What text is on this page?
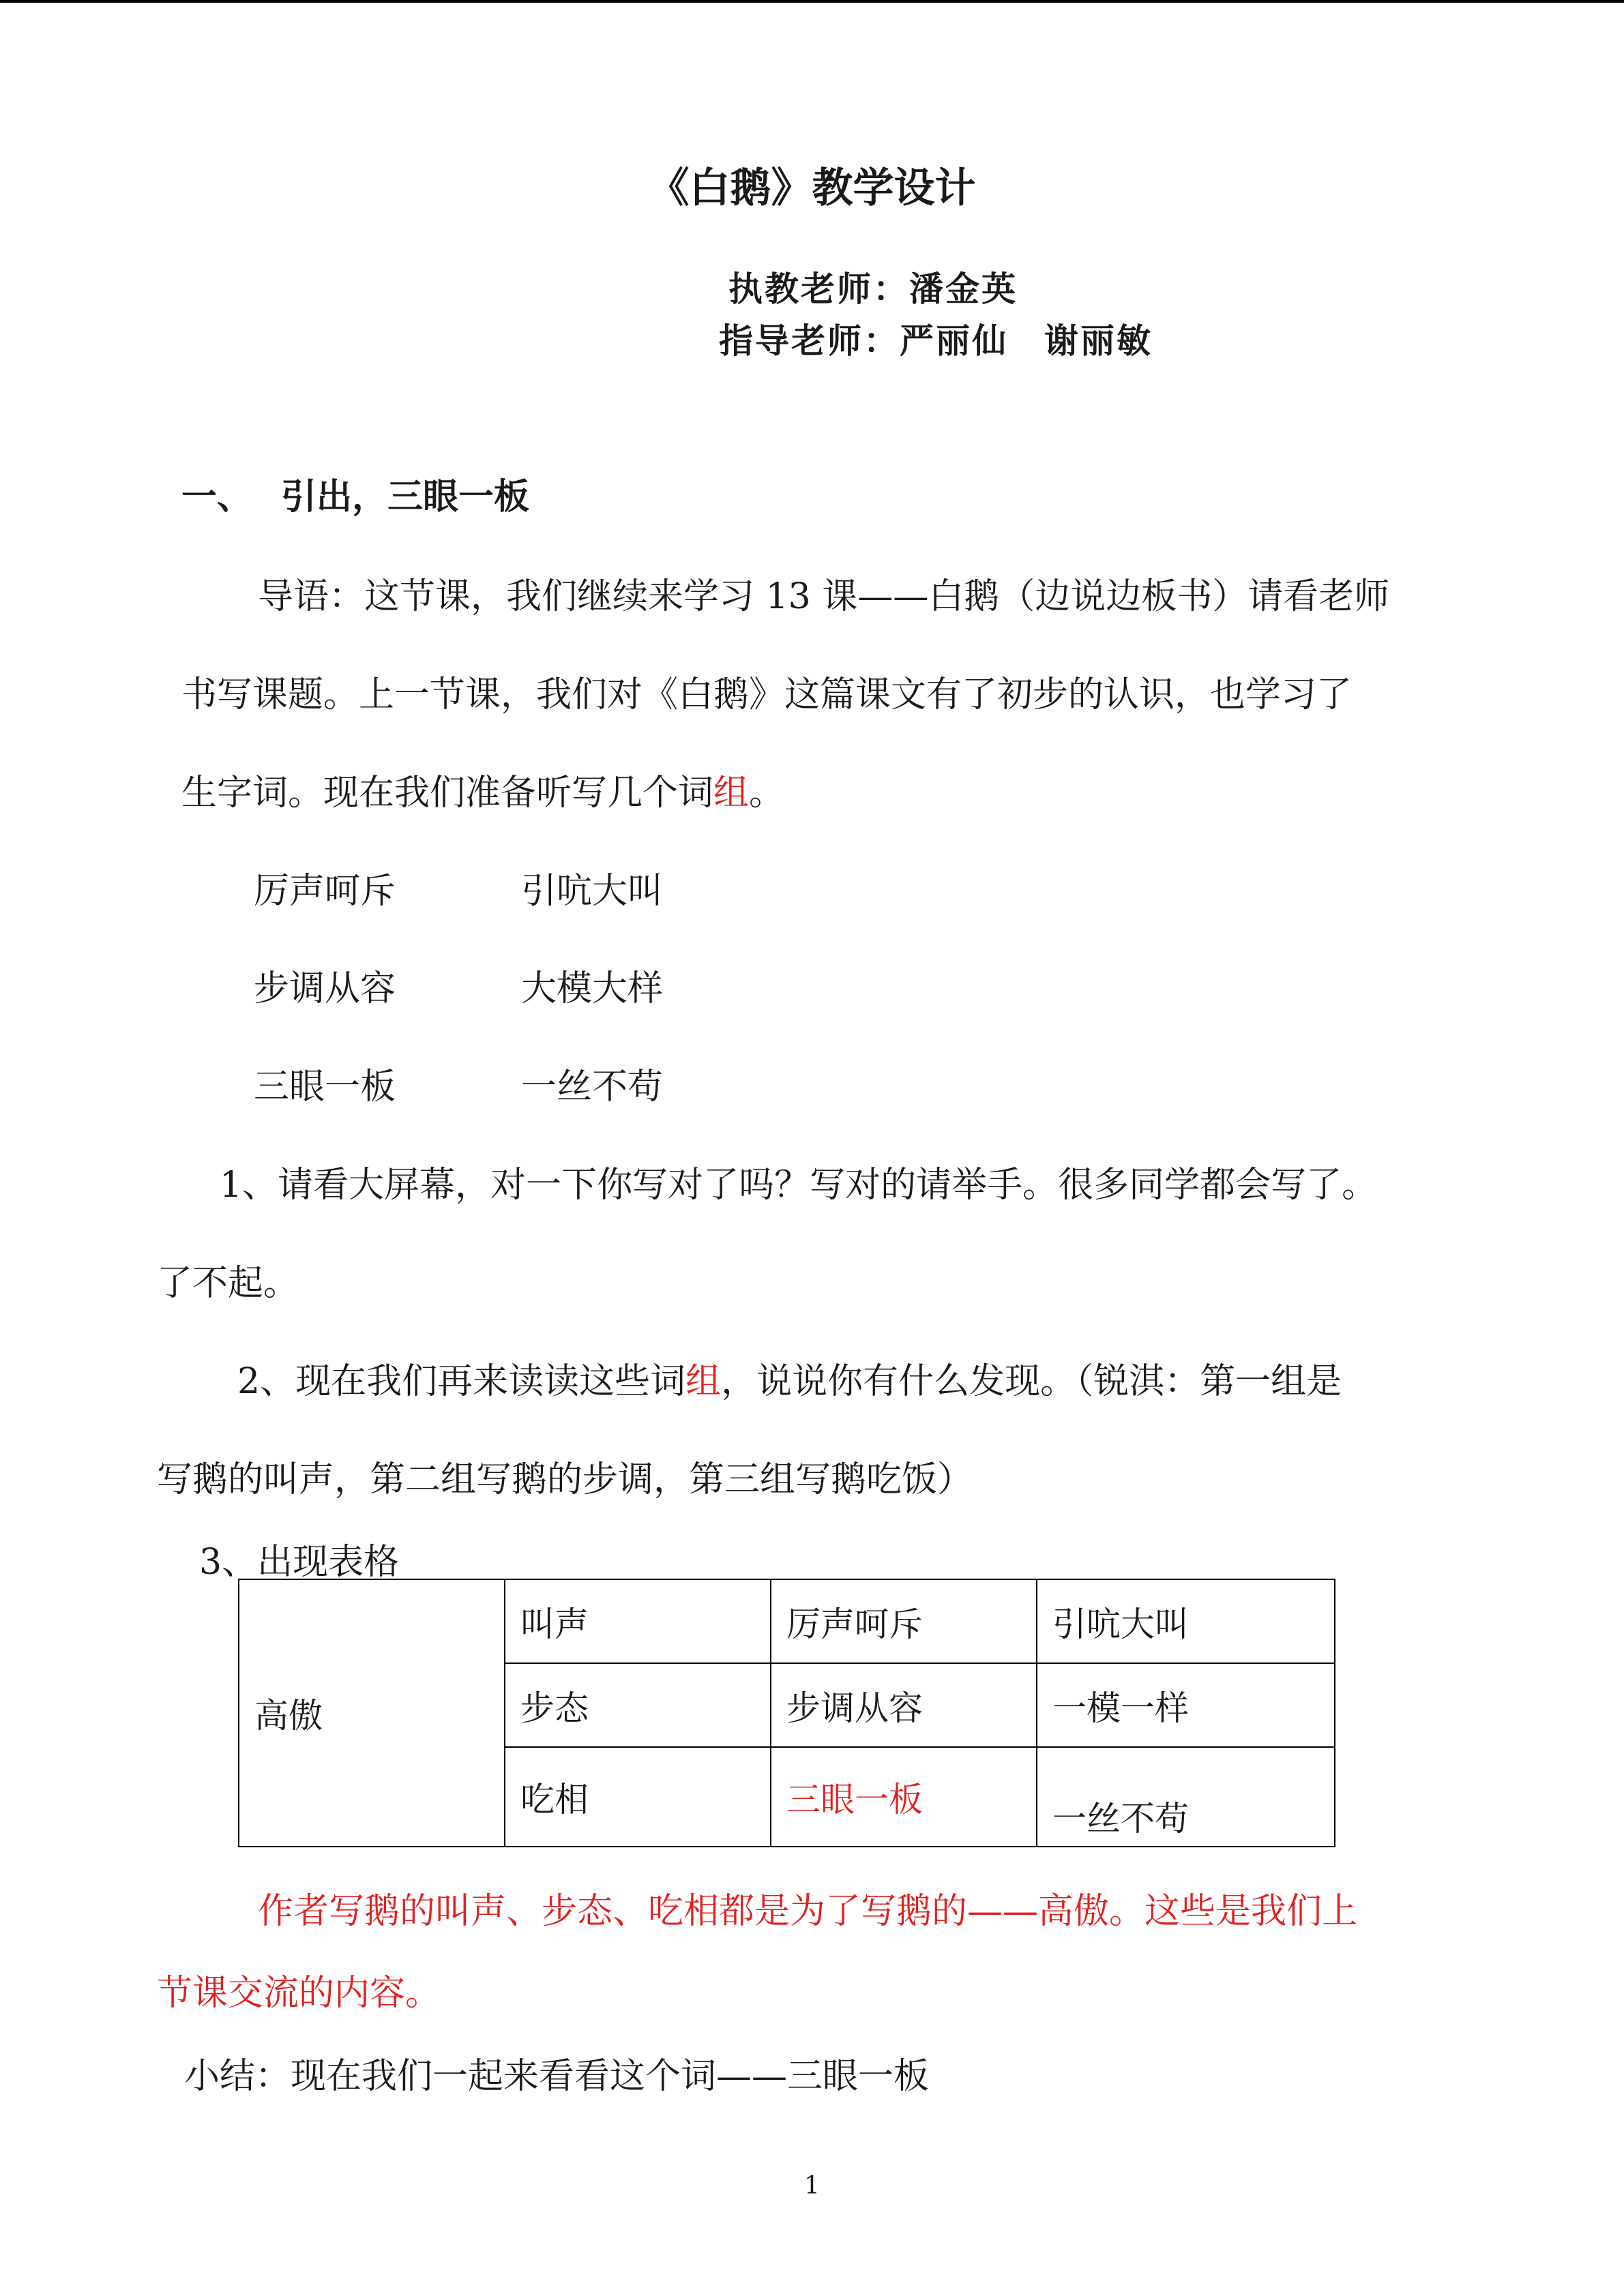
《白鹅》教学设计
执教老师：潘金英
指导老师：严丽仙　谢丽敏
一、 引出，三眼一板
导语：这节课，我们继续来学习 13 课——白鹅（边说边板书）请看老师
书写课题。上一节课，我们对《白鹅》这篇课文有了初步的认识，也学习了
生字词。现在我们准备听写几个词组。
厉声呵斥	引吭大叫
步调从容	大模大样
三眼一板	一丝不苟
1、请看大屏幕，对一下你写对了吗？写对的请举手。很多同学都会写了。
了不起。
2、现在我们再来读读这些词组，说说你有什么发现。（锐淇：第一组是
写鹅的叫声，第二组写鹅的步调，第三组写鹅吃饭）
3、出现表格
高傲	叫声	厉声呵斥	引吭大叫
	步态	步调从容	一模一样
	吃相	三眼一板	一丝不苟
作者写鹅的叫声、步态、吃相都是为了写鹅的——高傲。这些是我们上
节课交流的内容。
小结：现在我们一起来看看这个词——三眼一板
1
